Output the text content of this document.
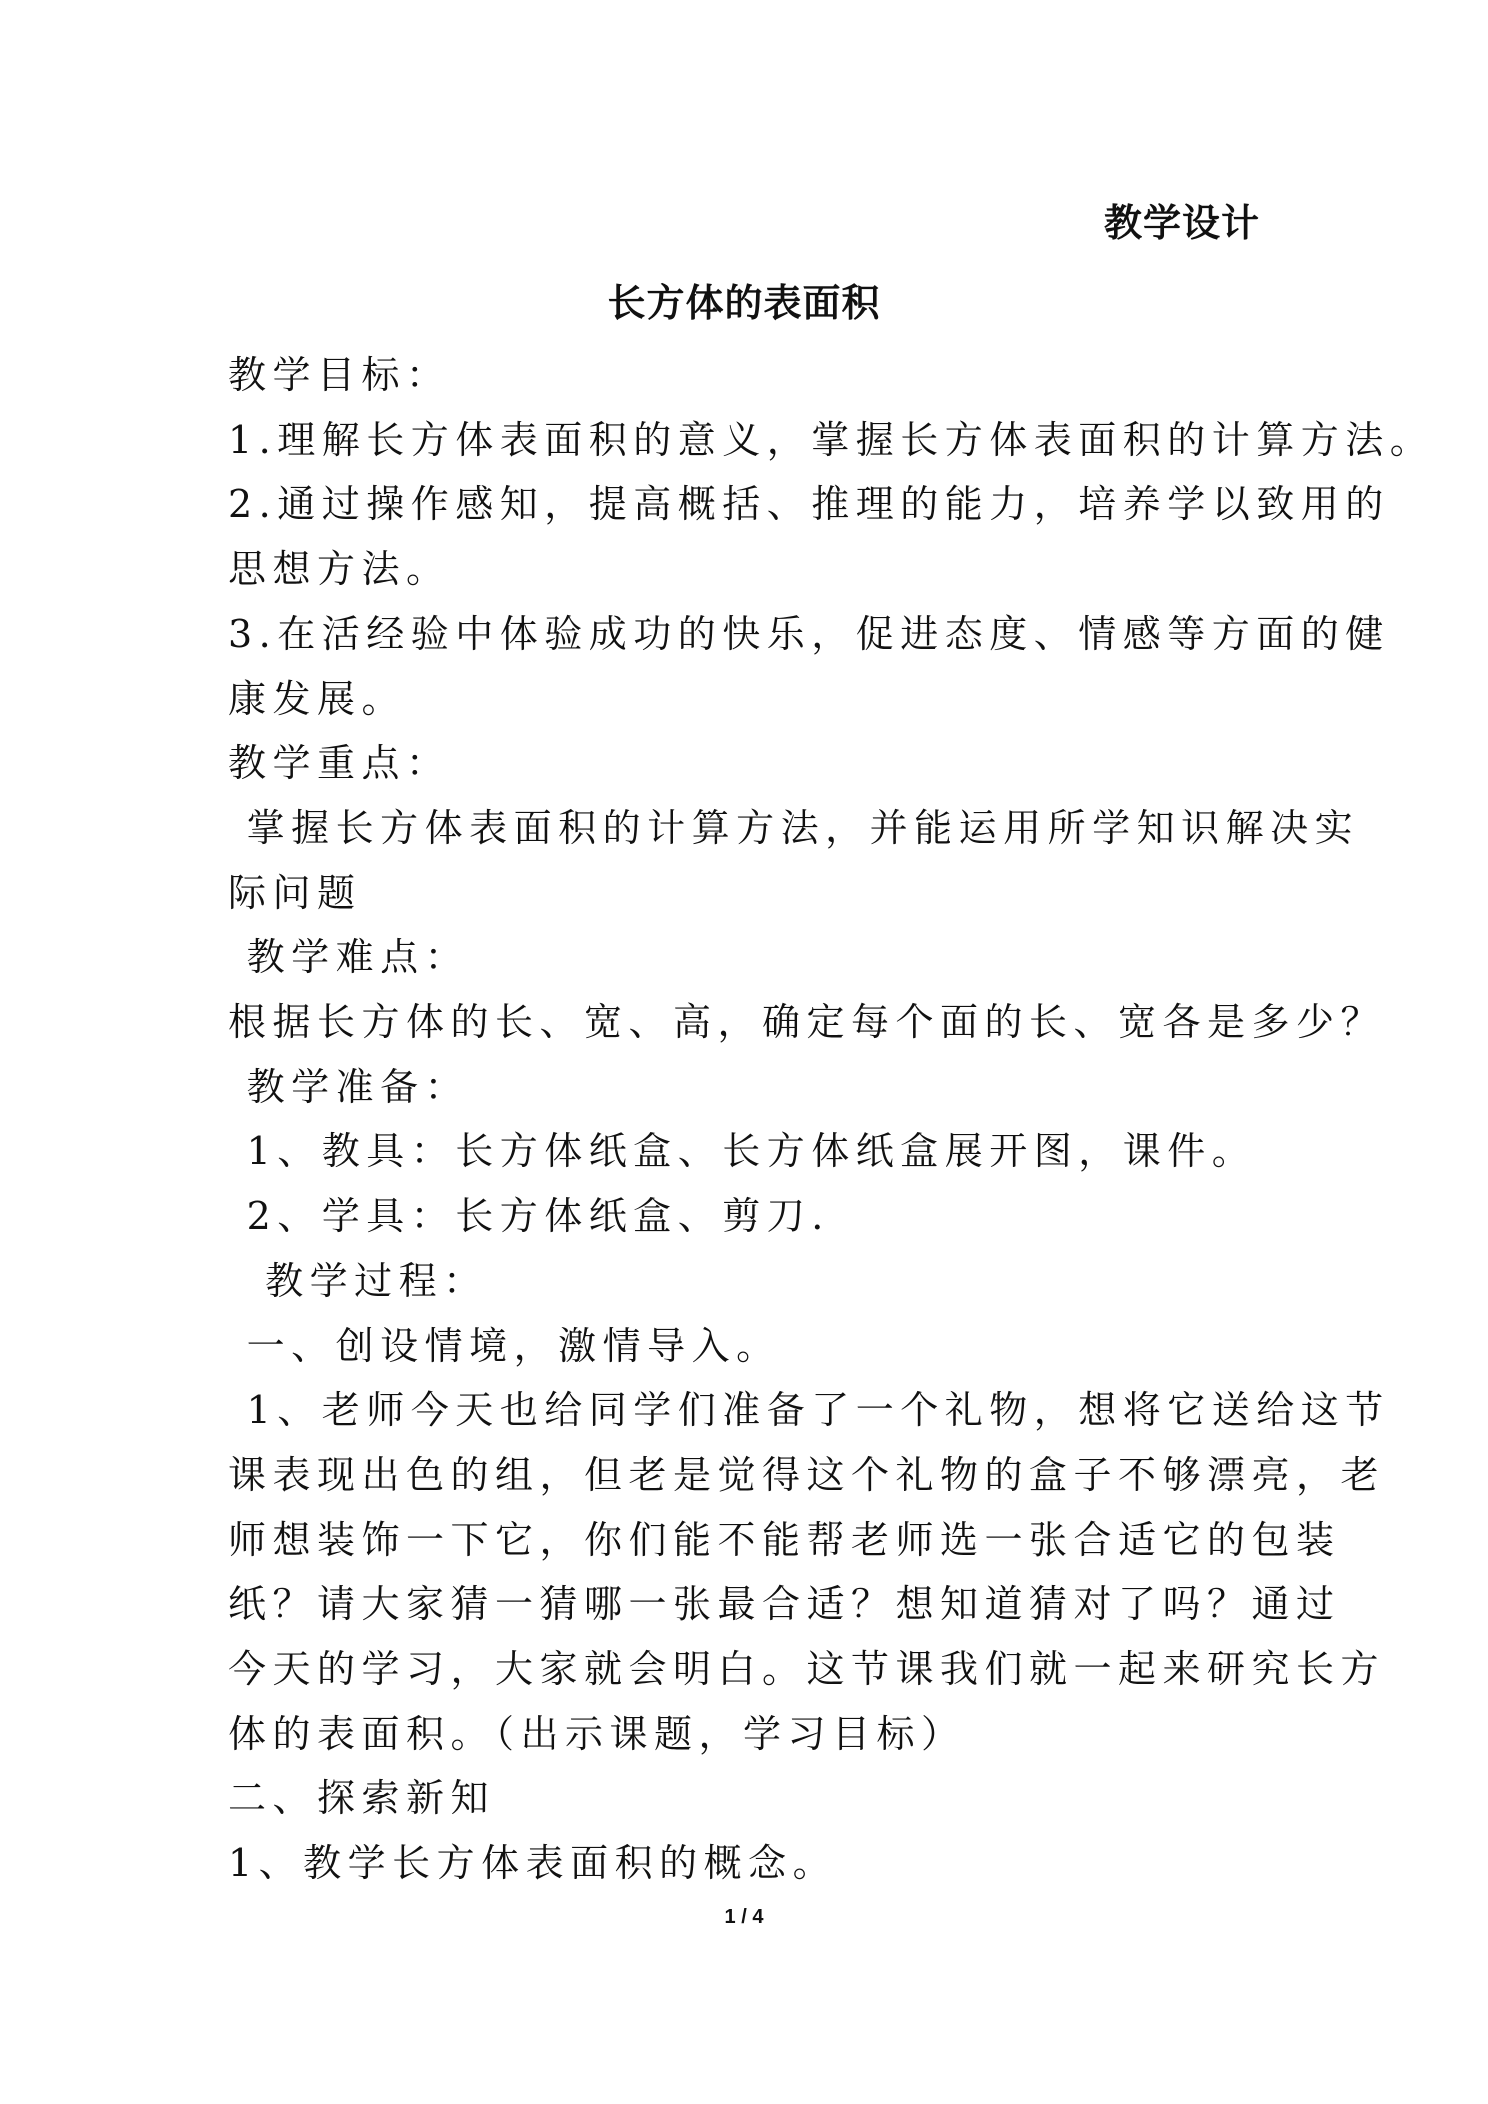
教学设计
长方体的表面积
教学目标：
1.理解长方体表面积的意义，掌握长方体表面积的计算方法。
2.通过操作感知，提高概括、推理的能力，培养学以致用的
思想方法。
3.在活经验中体验成功的快乐，促进态度、情感等方面的健
康发展。
教学重点：
掌握长方体表面积的计算方法，并能运用所学知识解决实
际问题
教学难点：
根据长方体的长、宽、高，确定每个面的长、宽各是多少？
教学准备：
1、教具：长方体纸盒、长方体纸盒展开图，课件。
2、学具：长方体纸盒、剪刀.
教学过程：
一、创设情境，激情导入。
1、老师今天也给同学们准备了一个礼物，想将它送给这节
课表现出色的组，但老是觉得这个礼物的盒子不够漂亮，老
师想装饰一下它，你们能不能帮老师选一张合适它的包装
纸？请大家猜一猜哪一张最合适？想知道猜对了吗？通过
今天的学习，大家就会明白。这节课我们就一起来研究长方
体的表面积。（出示课题，学习目标）
二、探索新知
1、教学长方体表面积的概念。
1 / 4
